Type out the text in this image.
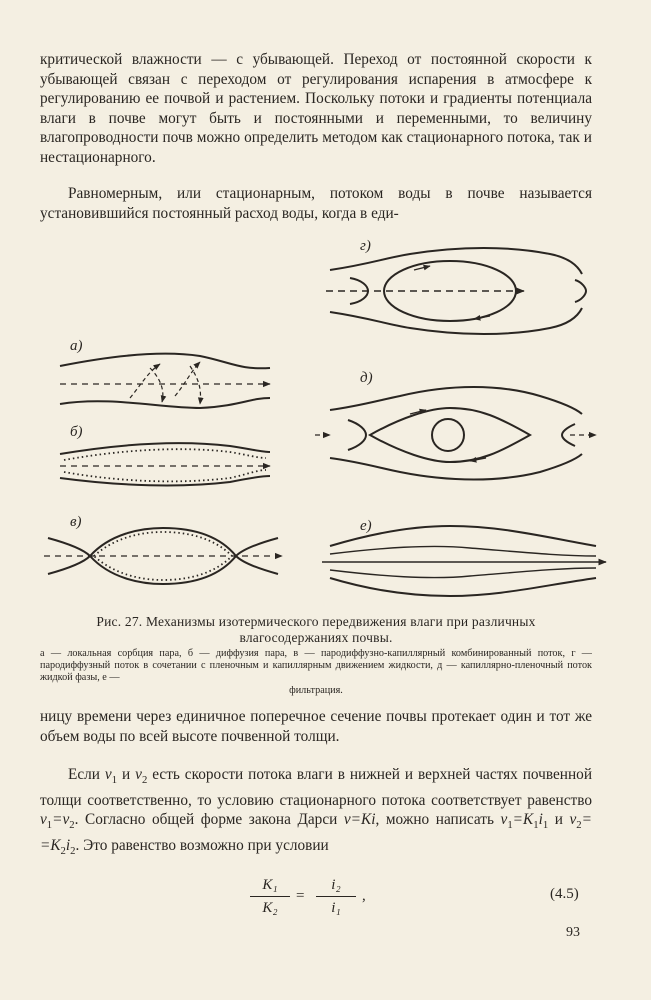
критической влажности — с убывающей. Переход от постоянной скорости к убывающей связан с переходом от регулирования испарения в атмосфере к регулированию ее почвой и растением. Поскольку потоки и градиенты потенциала влаги в почве могут быть и постоянными и переменными, то величину влагопроводности почв можно определить методом как стационарного потока, так и нестационарного.

Равномерным, или стационарным, потоком воды в почве называется установившийся постоянный расход воды, когда в еди-

г)
а)
д)
б)
в)	е)

Рис. 27. Механизмы изотермического передвижения влаги при различных
влагосодержаниях почвы.

а — локальная сорбция пара, б — диффузия пара, в — пародиффузно-капиллярный комбинированный поток, г — пародиффузный поток в сочетании с пленочным и капиллярным движением жидкости, д — капиллярно-пленочный поток жидкой фазы, е —
фильтрация.

ницу времени через единичное поперечное сечение почвы протекает один и тот же объем воды по всей высоте почвенной толщи.

Если $v_1$ и $v_2$ есть скорости потока влаги в нижней и верхней частях почвенной толщи соответственно, то условию стационарного потока соответствует равенство $v_1=v_2$. Согласно общей форме закона Дарси v=Ki, можно написать $v_1=K_1i_1$ и $v_2= =K_2i_2$. Это равенство возможно при условии

K₁
K₂
=
i₂
i₁
,	(4.5)
93
